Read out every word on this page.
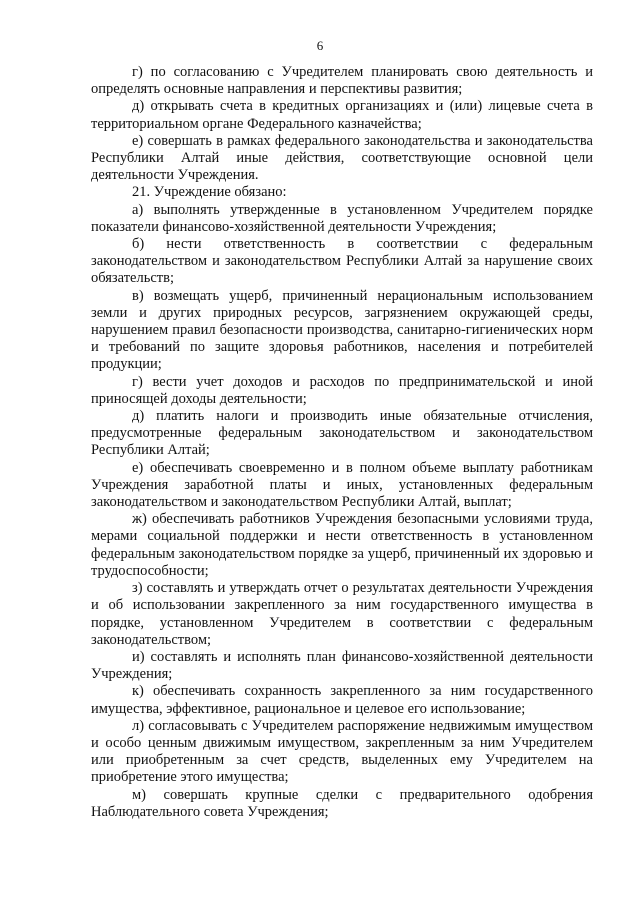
6

г) по согласованию с Учредителем планировать свою деятельность и определять основные направления и перспективы развития;

д) открывать счета в кредитных организациях и (или) лицевые счета в территориальном органе Федерального казначейства;

е) совершать в рамках федерального законодательства и законодательства Республики Алтай иные действия, соответствующие основной цели деятельности Учреждения.

21. Учреждение обязано:

а) выполнять утвержденные в установленном Учредителем порядке показатели финансово-хозяйственной деятельности Учреждения;

б) нести ответственность в соответствии с федеральным законодательством и законодательством Республики Алтай за нарушение своих обязательств;

в) возмещать ущерб, причиненный нерациональным использованием земли и других природных ресурсов, загрязнением окружающей среды, нарушением правил безопасности производства, санитарно-гигиенических норм и требований по защите здоровья работников, населения и потребителей продукции;

г) вести учет доходов и расходов по предпринимательской и иной приносящей доходы деятельности;

д) платить налоги и производить иные обязательные отчисления, предусмотренные федеральным законодательством и законодательством Республики Алтай;

е) обеспечивать своевременно и в полном объеме выплату работникам Учреждения заработной платы и иных, установленных федеральным законодательством и законодательством Республики Алтай, выплат;

ж) обеспечивать работников Учреждения безопасными условиями труда, мерами социальной поддержки и нести ответственность в установленном федеральным законодательством порядке за ущерб, причиненный их здоровью и трудоспособности;

з) составлять и утверждать отчет о результатах деятельности Учреждения и об использовании закрепленного за ним государственного имущества в порядке, установленном Учредителем в соответствии с федеральным законодательством;

и) составлять и исполнять план финансово-хозяйственной деятельности Учреждения;

к) обеспечивать сохранность закрепленного за ним государственного имущества, эффективное, рациональное и целевое его использование;

л) согласовывать с Учредителем распоряжение недвижимым имуществом и особо ценным движимым имуществом, закрепленным за ним Учредителем или приобретенным за счет средств, выделенных ему Учредителем на приобретение этого имущества;

м) совершать крупные сделки с предварительного одобрения Наблюдательного совета Учреждения;
